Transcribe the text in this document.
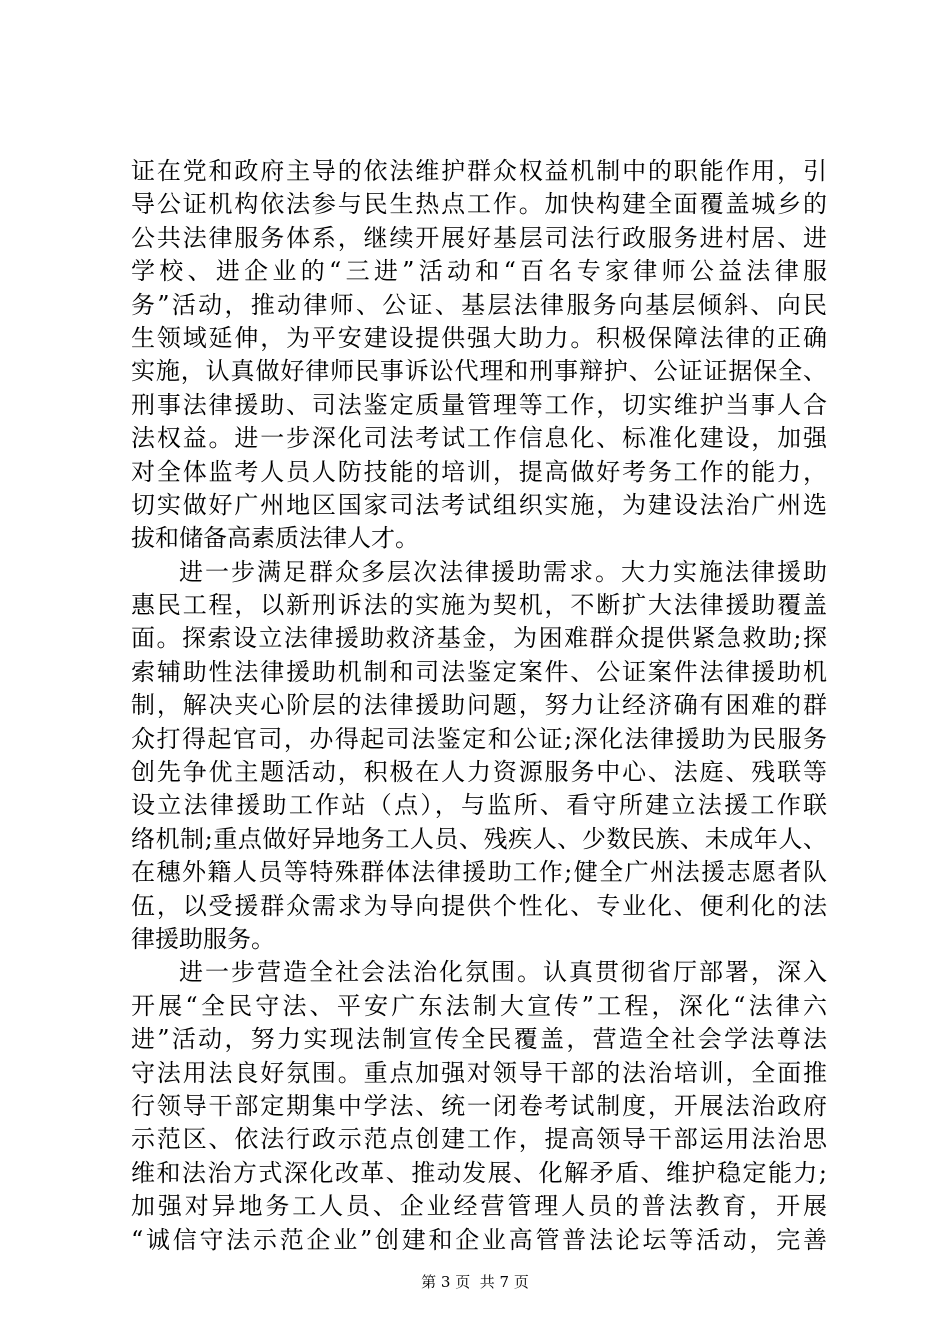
证在党和政府主导的依法维护群众权益机制中的职能作用，引
导公证机构依法参与民生热点工作。加快构建全面覆盖城乡的
公共法律服务体系，继续开展好基层司法行政服务进村居、进
学校、进企业的“三进”活动和“百名专家律师公益法律服
务”活动，推动律师、公证、基层法律服务向基层倾斜、向民
生领域延伸，为平安建设提供强大助力。积极保障法律的正确
实施，认真做好律师民事诉讼代理和刑事辩护、公证证据保全、
刑事法律援助、司法鉴定质量管理等工作，切实维护当事人合
法权益。进一步深化司法考试工作信息化、标准化建设，加强
对全体监考人员人防技能的培训，提高做好考务工作的能力，
切实做好广州地区国家司法考试组织实施，为建设法治广州选
拔和储备高素质法律人才。
进一步满足群众多层次法律援助需求。大力实施法律援助
惠民工程，以新刑诉法的实施为契机，不断扩大法律援助覆盖
面。探索设立法律援助救济基金，为困难群众提供紧急救助;探
索辅助性法律援助机制和司法鉴定案件、公证案件法律援助机
制，解决夹心阶层的法律援助问题，努力让经济确有困难的群
众打得起官司，办得起司法鉴定和公证;深化法律援助为民服务
创先争优主题活动，积极在人力资源服务中心、法庭、残联等
设立法律援助工作站（点），与监所、看守所建立法援工作联
络机制;重点做好异地务工人员、残疾人、少数民族、未成年人、
在穗外籍人员等特殊群体法律援助工作;健全广州法援志愿者队
伍，以受援群众需求为导向提供个性化、专业化、便利化的法
律援助服务。
进一步营造全社会法治化氛围。认真贯彻省厅部署，深入
开展“全民守法、平安广东法制大宣传”工程，深化“法律六
进”活动，努力实现法制宣传全民覆盖，营造全社会学法尊法
守法用法良好氛围。重点加强对领导干部的法治培训，全面推
行领导干部定期集中学法、统一闭卷考试制度，开展法治政府
示范区、依法行政示范点创建工作，提高领导干部运用法治思
维和法治方式深化改革、推动发展、化解矛盾、维护稳定能力;
加强对异地务工人员、企业经营管理人员的普法教育，开展
“诚信守法示范企业”创建和企业高管普法论坛等活动，完善
第 3 页  共 7 页
